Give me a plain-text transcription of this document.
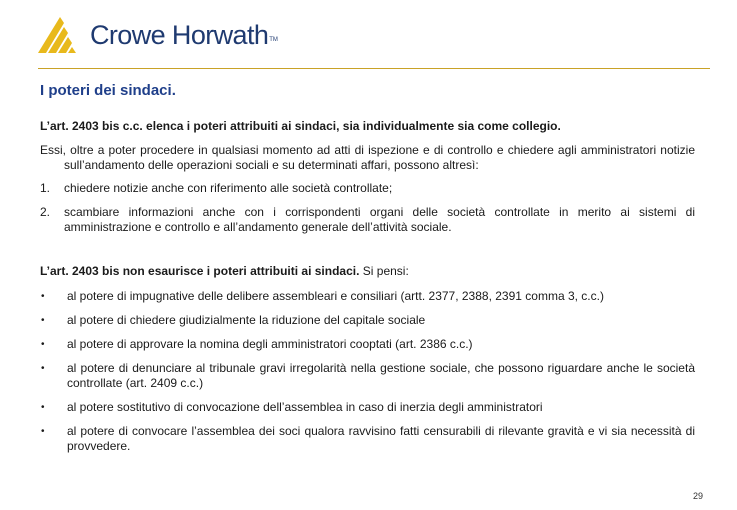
Crowe Horwath TM
I poteri dei sindaci.

L’art. 2403 bis c.c. elenca i poteri attribuiti ai sindaci, sia individualmente sia come collegio.

Essi, oltre a poter procedere in qualsiasi momento ad atti di ispezione e di controllo e chiedere agli amministratori notizie sull’andamento delle operazioni sociali e su determinati affari, possono altresì:

1.	chiedere notizie anche con riferimento alle società controllate;
2.	scambiare informazioni anche con i corrispondenti organi delle società controllate in merito ai sistemi di amministrazione e controllo e all’andamento generale dell’attività sociale.

L’art. 2403 bis non esaurisce i poteri attribuiti ai sindaci. Si pensi:

•	al potere di impugnative delle delibere assembleari e consiliari (artt. 2377, 2388, 2391 comma 3, c.c.)
•	al potere di chiedere giudizialmente la riduzione del capitale sociale
•	al potere di approvare la nomina degli amministratori cooptati (art. 2386 c.c.)
•	al potere di denunciare al tribunale gravi irregolarità nella gestione sociale, che possono riguardare anche le società controllate (art. 2409 c.c.)
•	al potere sostitutivo di convocazione dell’assemblea in caso di inerzia degli amministratori
•	al potere di convocare l’assemblea dei soci qualora ravvisino fatti censurabili di rilevante gravità e vi sia necessità di provvedere.
29
